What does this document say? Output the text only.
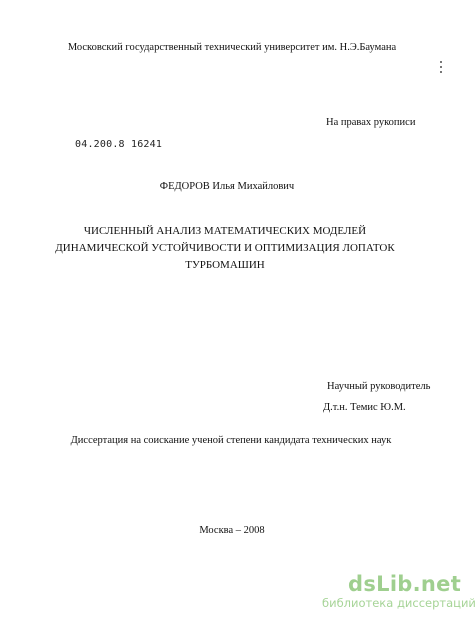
Московский государственный технический университет им. Н.Э.Баумана
На правах рукописи
04.200.8 16241
ФЕДОРОВ Илья Михайлович
ЧИСЛЕННЫЙ АНАЛИЗ МАТЕМАТИЧЕСКИХ МОДЕЛЕЙ
ДИНАМИЧЕСКОЙ УСТОЙЧИВОСТИ И ОПТИМИЗАЦИЯ ЛОПАТОК
ТУРБОМАШИН
Научный руководитель
Д.т.н. Темис Ю.М.
Диссертация на соискание ученой степени кандидата технических наук
Москва – 2008
dsLib.net
библиотека диссертаций
